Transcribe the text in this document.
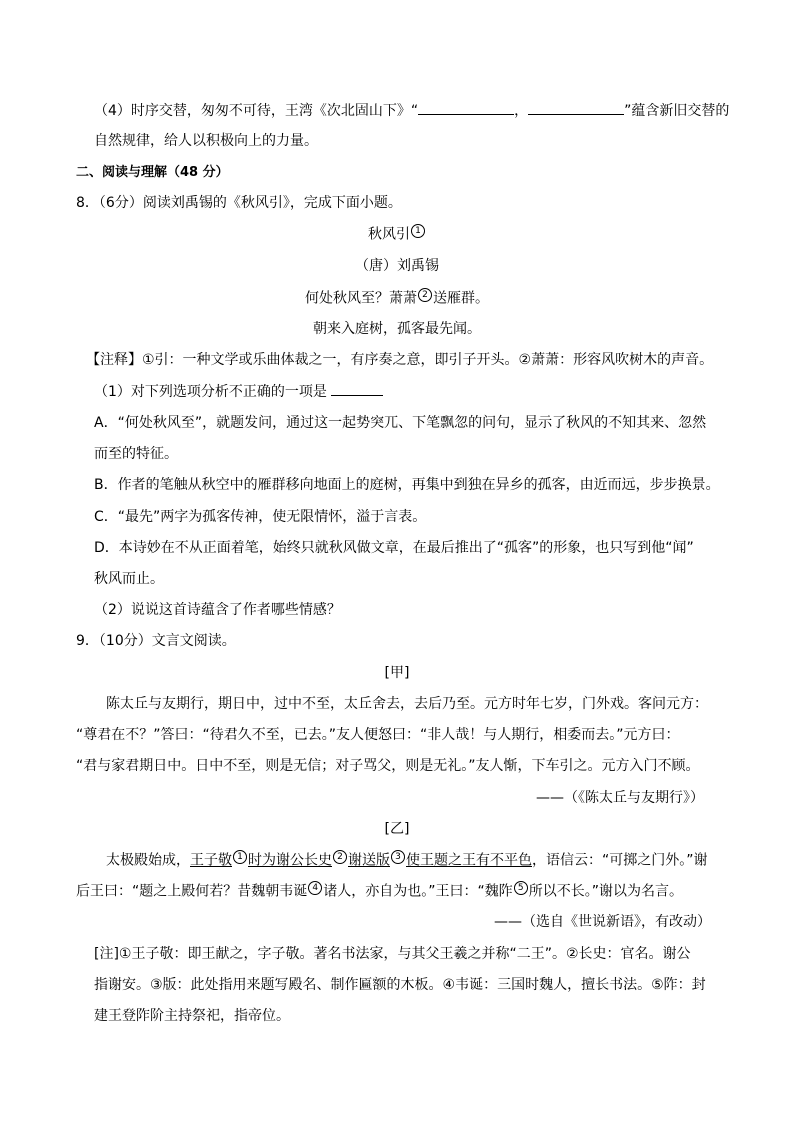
（4）时序交替，匆匆不可待，王湾《次北固山下》“	，	”蕴含新旧交替的
自然规律，给人以积极向上的力量。
二、阅读与理解（48 分）
8．（6分）阅读刘禹锡的《秋风引》，完成下面小题。
秋风引 1
（唐）刘禹锡
何处秋风至？萧萧 2 送雁群。
朝来入庭树，孤客最先闻。
【注释】①引：一种文学或乐曲体裁之一，有序奏之意，即引子开头。②萧萧：形容风吹树木的声音。
（1）对下列选项分析不正确的一项是
A．“何处秋风至”，就题发问，通过这一起势突兀、下笔飘忽的问句，显示了秋风的不知其来、忽然
而至的特征。
B．作者的笔触从秋空中的雁群移向地面上的庭树，再集中到独在异乡的孤客，由近而远，步步换景。
C．“最先”两字为孤客传神，使无限情怀，溢于言表。
D．本诗妙在不从正面着笔，始终只就秋风做文章，在最后推出了“孤客”的形象，也只写到他“闻”
秋风而止。
（2）说说这首诗蕴含了作者哪些情感？
9．（10分）文言文阅读。
[甲]
陈太丘与友期行，期日中，过中不至，太丘舍去，去后乃至。元方时年七岁，门外戏。客问元方：
“尊君在不？”答曰：“待君久不至，已去。”友人便怒曰：“非人哉！与人期行，相委而去。”元方曰：
“君与家君期日中。日中不至，则是无信；对子骂父，则是无礼。”友人惭，下车引之。元方入门不顾。
——（《陈太丘与友期行》）
[乙]
太极殿始成，王子敬 1 时为谢公长史 2 谢送版 3 使王题之王有不平色，语信云：“可掷之门外。”谢
后王曰：“题之上殿何若？昔魏朝韦诞 4 诸人，亦自为也。”王曰：“魏阼 5 所以不长。”谢以为名言。
——（选自《世说新语》，有改动）
[注]①王子敬：即王献之，字子敬。著名书法家，与其父王羲之并称“二王”。②长史：官名。谢公
指谢安。③版：此处指用来题写殿名、制作匾额的木板。④韦诞：三国时魏人，擅长书法。⑤阼：封
建王登阼阶主持祭祀，指帝位。
